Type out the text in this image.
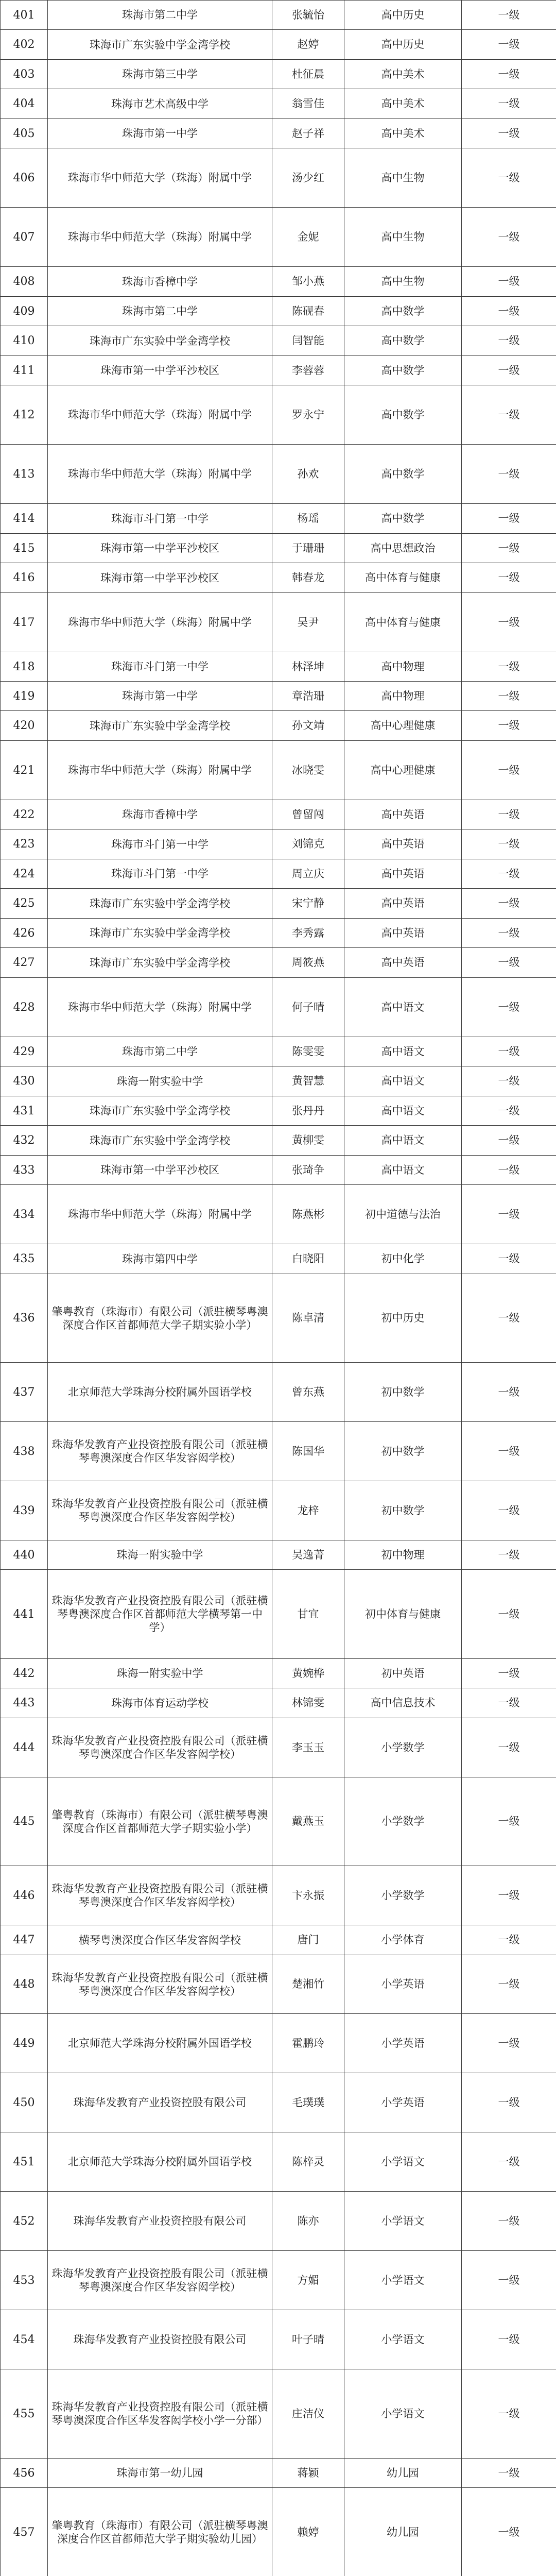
401	珠海市第二中学	张毓怡	高中历史	一级
402	珠海市广东实验中学金湾学校	赵婷	高中历史	一级
403	珠海市第三中学	杜征晨	高中美术	一级
404	珠海市艺术高级中学	翁雪佳	高中美术	一级
405	珠海市第一中学	赵子祥	高中美术	一级
406	珠海市华中师范大学（珠海）附属中学	汤少红	高中生物	一级
407	珠海市华中师范大学（珠海）附属中学	金妮	高中生物	一级
408	珠海市香樟中学	邹小燕	高中生物	一级
409	珠海市第二中学	陈砚春	高中数学	一级
410	珠海市广东实验中学金湾学校	闫智能	高中数学	一级
411	珠海市第一中学平沙校区	李蓉蓉	高中数学	一级
412	珠海市华中师范大学（珠海）附属中学	罗永宁	高中数学	一级
413	珠海市华中师范大学（珠海）附属中学	孙欢	高中数学	一级
414	珠海市斗门第一中学	杨瑶	高中数学	一级
415	珠海市第一中学平沙校区	于珊珊	高中思想政治	一级
416	珠海市第一中学平沙校区	韩春龙	高中体育与健康	一级
417	珠海市华中师范大学（珠海）附属中学	吴尹	高中体育与健康	一级
418	珠海市斗门第一中学	林泽坤	高中物理	一级
419	珠海市第一中学	章浩珊	高中物理	一级
420	珠海市广东实验中学金湾学校	孙文靖	高中心理健康	一级
421	珠海市华中师范大学（珠海）附属中学	冰晓雯	高中心理健康	一级
422	珠海市香樟中学	曾留闯	高中英语	一级
423	珠海市斗门第一中学	刘锦克	高中英语	一级
424	珠海市斗门第一中学	周立庆	高中英语	一级
425	珠海市广东实验中学金湾学校	宋宁静	高中英语	一级
426	珠海市广东实验中学金湾学校	李秀露	高中英语	一级
427	珠海市广东实验中学金湾学校	周筱燕	高中英语	一级
428	珠海市华中师范大学（珠海）附属中学	何子晴	高中语文	一级
429	珠海市第二中学	陈雯雯	高中语文	一级
430	珠海一附实验中学	黄智慧	高中语文	一级
431	珠海市广东实验中学金湾学校	张丹丹	高中语文	一级
432	珠海市广东实验中学金湾学校	黄柳雯	高中语文	一级
433	珠海市第一中学平沙校区	张琦争	高中语文	一级
434	珠海市华中师范大学（珠海）附属中学	陈燕彬	初中道德与法治	一级
435	珠海市第四中学	白晓阳	初中化学	一级
436	肇粤教育（珠海市）有限公司（派驻横琴粤澳深度合作区首都师范大学子期实验小学）	陈卓清	初中历史	一级
437	北京师范大学珠海分校附属外国语学校	曾东燕	初中数学	一级
438	珠海华发教育产业投资控股有限公司（派驻横琴粤澳深度合作区华发容闳学校）	陈国华	初中数学	一级
439	珠海华发教育产业投资控股有限公司（派驻横琴粤澳深度合作区华发容闳学校）	龙梓	初中数学	一级
440	珠海一附实验中学	吴逸菁	初中物理	一级
441	珠海华发教育产业投资控股有限公司（派驻横琴粤澳深度合作区首都师范大学横琴第一中学）	甘宜	初中体育与健康	一级
442	珠海一附实验中学	黄婉桦	初中英语	一级
443	珠海市体育运动学校	林锦雯	高中信息技术	一级
444	珠海华发教育产业投资控股有限公司（派驻横琴粤澳深度合作区华发容闳学校）	李玉玉	小学数学	一级
445	肇粤教育（珠海市）有限公司（派驻横琴粤澳深度合作区首都师范大学子期实验小学）	戴燕玉	小学数学	一级
446	珠海华发教育产业投资控股有限公司（派驻横琴粤澳深度合作区华发容闳学校）	卞永振	小学数学	一级
447	横琴粤澳深度合作区华发容闳学校	唐门	小学体育	一级
448	珠海华发教育产业投资控股有限公司（派驻横琴粤澳深度合作区华发容闳学校）	楚湘竹	小学英语	一级
449	北京师范大学珠海分校附属外国语学校	霍鹏玲	小学英语	一级
450	珠海华发教育产业投资控股有限公司	毛璞璞	小学英语	一级
451	北京师范大学珠海分校附属外国语学校	陈梓灵	小学语文	一级
452	珠海华发教育产业投资控股有限公司	陈亦	小学语文	一级
453	珠海华发教育产业投资控股有限公司（派驻横琴粤澳深度合作区华发容闳学校）	方媚	小学语文	一级
454	珠海华发教育产业投资控股有限公司	叶子晴	小学语文	一级
455	珠海华发教育产业投资控股有限公司（派驻横琴粤澳深度合作区华发容闳学校小学一分部）	庄洁仪	小学语文	一级
456	珠海市第一幼儿园	蒋颖	幼儿园	一级
457	肇粤教育（珠海市）有限公司（派驻横琴粤澳深度合作区首都师范大学子期实验幼儿园）	赖婷	幼儿园	一级
